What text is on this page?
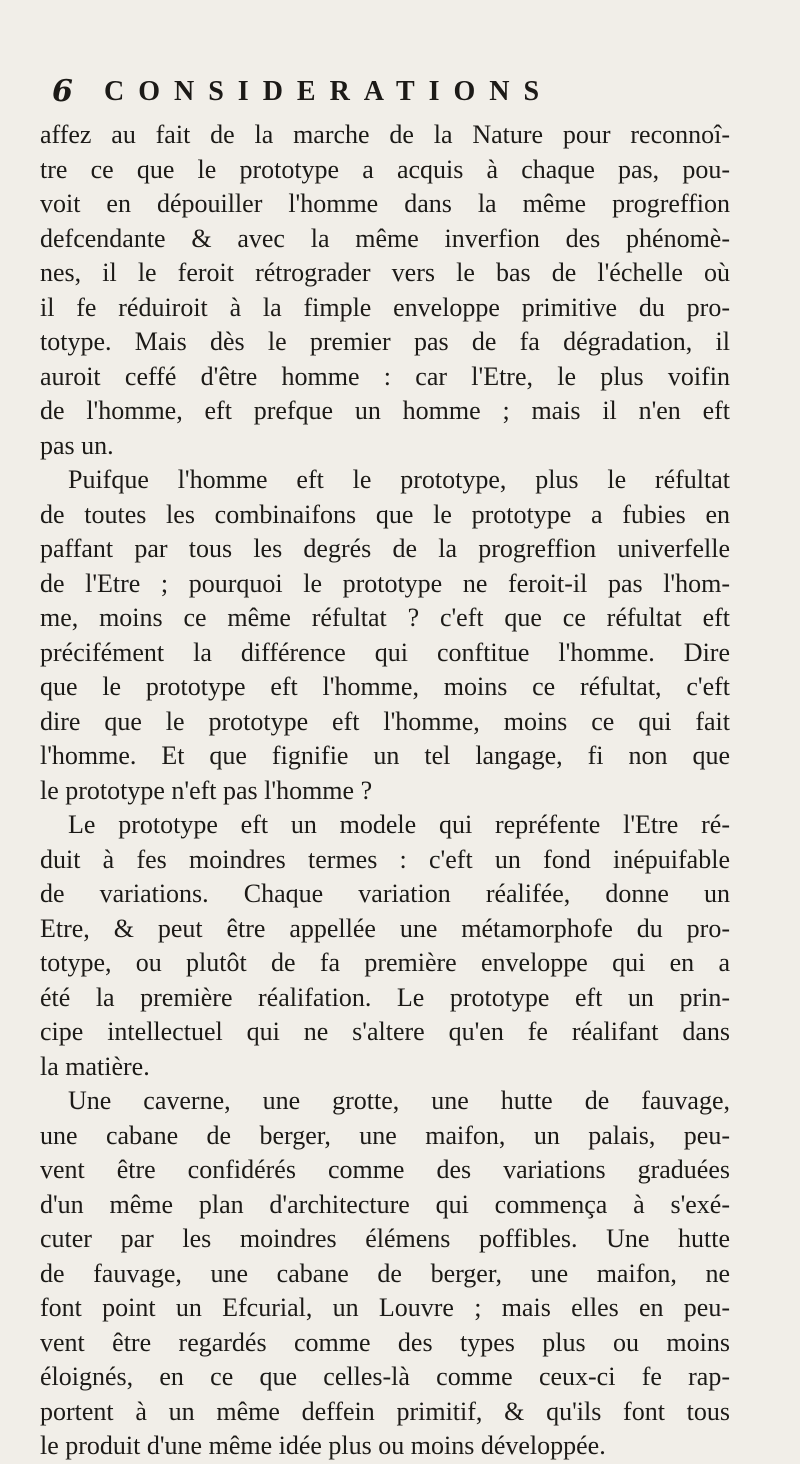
6 CONSIDERATIONS
affez au fait de la marche de la Nature pour reconnoî-
tre ce que le prototype a acquis à chaque pas, pou-
voit en dépouiller l'homme dans la même progreffion
defcendante & avec la même inverfion des phénomè-
nes, il le feroit rétrograder vers le bas de l'échelle où
il fe réduiroit à la fimple enveloppe primitive du pro-
totype. Mais dès le premier pas de fa dégradation, il
auroit ceffé d'être homme : car l'Etre, le plus voifin
de l'homme, eft prefque un homme ; mais il n'en eft
pas un.
Puifque l'homme eft le prototype, plus le réfultat
de toutes les combinaifons que le prototype a fubies en
paffant par tous les degrés de la progreffion univerfelle
de l'Etre ; pourquoi le prototype ne feroit-il pas l'hom-
me, moins ce même réfultat ? c'eft que ce réfultat eft
précifément la différence qui conftitue l'homme. Dire
que le prototype eft l'homme, moins ce réfultat, c'eft
dire que le prototype eft l'homme, moins ce qui fait
l'homme. Et que fignifie un tel langage, fi non que
le prototype n'eft pas l'homme ?
Le prototype eft un modele qui repréfente l'Etre ré-
duit à fes moindres termes : c'eft un fond inépuifable
de variations. Chaque variation réalifée, donne un
Etre, & peut être appellée une métamorphofe du pro-
totype, ou plutôt de fa première enveloppe qui en a
été la première réalifation. Le prototype eft un prin-
cipe intellectuel qui ne s'altere qu'en fe réalifant dans
la matière.
Une caverne, une grotte, une hutte de fauvage,
une cabane de berger, une maifon, un palais, peu-
vent être confidérés comme des variations graduées
d'un même plan d'architecture qui commença à s'exé-
cuter par les moindres élémens poffibles. Une hutte
de fauvage, une cabane de berger, une maifon, ne
font point un Efcurial, un Louvre ; mais elles en peu-
vent être regardés comme des types plus ou moins
éloignés, en ce que celles-là comme ceux-ci fe rap-
portent à un même deffein primitif, & qu'ils font tous
le produit d'une même idée plus ou moins développée.
